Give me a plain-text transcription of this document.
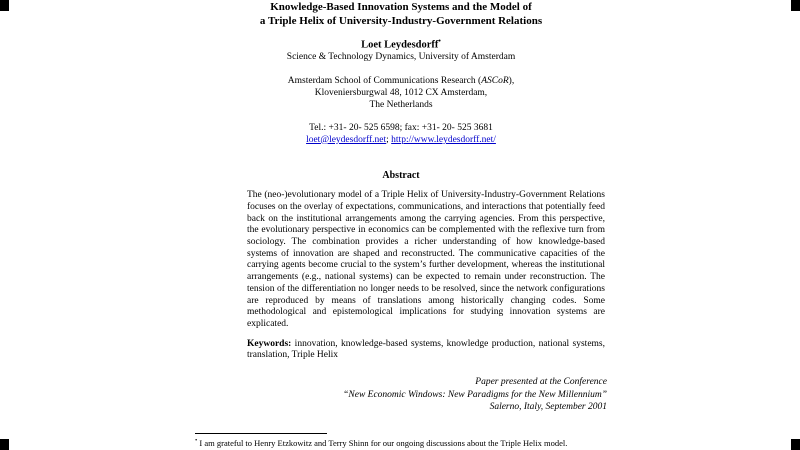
Knowledge-Based Innovation Systems and the Model of
a Triple Helix of University-Industry-Government Relations
Loet Leydesdorff•
Science & Technology Dynamics, University of Amsterdam
Amsterdam School of Communications Research (ASCoR),
Kloveniersburgwal 48, 1012 CX Amsterdam,
The Netherlands
Tel.: +31- 20- 525 6598; fax: +31- 20- 525 3681
loet@leydesdorff.net; http://www.leydesdorff.net/
Abstract
The (neo-)evolutionary model of a Triple Helix of University-Industry-Government Relations focuses on the overlay of expectations, communications, and interactions that potentially feed back on the institutional arrangements among the carrying agencies. From this perspective, the evolutionary perspective in economics can be complemented with the reflexive turn from sociology. The combination provides a richer understanding of how knowledge-based systems of innovation are shaped and reconstructed. The communicative capacities of the carrying agents become crucial to the system’s further development, whereas the institutional arrangements (e.g., national systems) can be expected to remain under reconstruction. The tension of the differentiation no longer needs to be resolved, since the network configurations are reproduced by means of translations among historically changing codes. Some methodological and epistemological implications for studying innovation systems are explicated.
Keywords: innovation, knowledge-based systems, knowledge production, national systems, translation, Triple Helix
Paper presented at the Conference
“New Economic Windows: New Paradigms for the New Millennium”
Salerno, Italy, September 2001
• I am grateful to Henry Etzkowitz and Terry Shinn for our ongoing discussions about the Triple Helix model.
